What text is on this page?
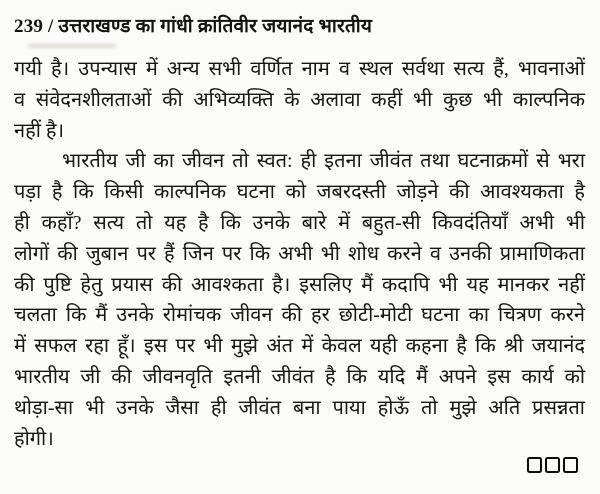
239 / उत्तराखण्ड का गांधी क्रांतिवीर जयानंद भारतीय
गयी है। उपन्यास में अन्य सभी वर्णित नाम व स्थल सर्वथा सत्य हैं, भावनाओं
व संवेदनशीलताओं की अभिव्यक्ति के अलावा कहीं भी कुछ भी काल्पनिक
नहीं है।
भारतीय जी का जीवन तो स्वत: ही इतना जीवंत तथा घटनाक्रमों से भरा
पड़ा है कि किसी काल्पनिक घटना को जबरदस्ती जोड़ने की आवश्यकता है
ही कहाँ? सत्य तो यह है कि उनके बारे में बहुत-सी किवदंतियाँ अभी भी
लोगों की जुबान पर हैं जिन पर कि अभी भी शोध करने व उनकी प्रामाणिकता
की पुष्टि हेतु प्रयास की आवश्कता है। इसलिए मैं कदापि भी यह मानकर नहीं
चलता कि मैं उनके रोमांचक जीवन की हर छोटी-मोटी घटना का चित्रण करने
में सफल रहा हूँ। इस पर भी मुझे अंत में केवल यही कहना है कि श्री जयानंद
भारतीय जी की जीवनवृति इतनी जीवंत है कि यदि मैं अपने इस कार्य को
थोड़ा-सा भी उनके जैसा ही जीवंत बना पाया होऊँ तो मुझे अति प्रसन्नता
होगी।
